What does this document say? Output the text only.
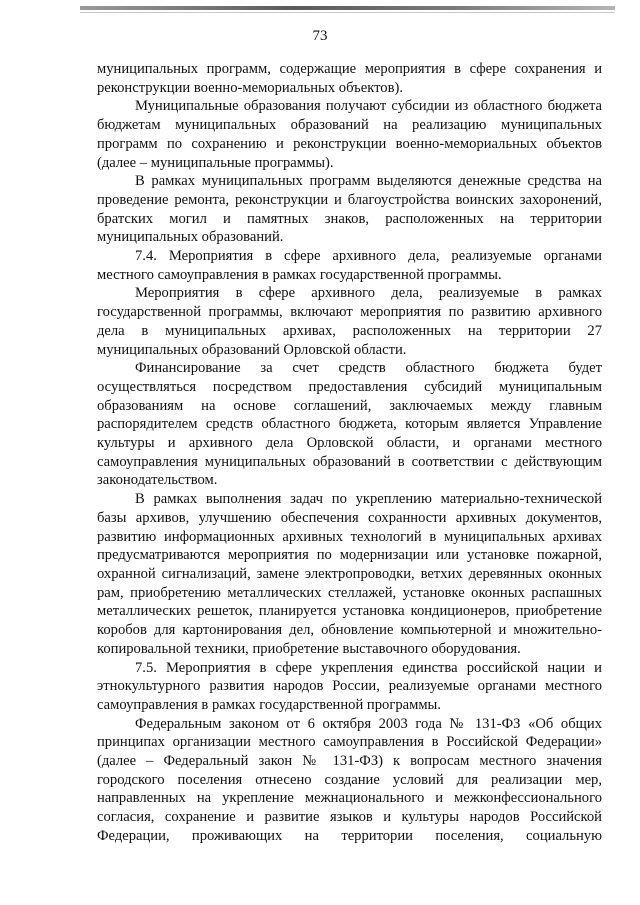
73

муниципальных программ, содержащие мероприятия в сфере сохранения и реконструкции военно-мемориальных объектов).

Муниципальные образования получают субсидии из областного бюджета бюджетам муниципальных образований на реализацию муниципальных программ по сохранению и реконструкции военно-мемориальных объектов (далее – муниципальные программы).

В рамках муниципальных программ выделяются денежные средства на проведение ремонта, реконструкции и благоустройства воинских захоронений, братских могил и памятных знаков, расположенных на территории муниципальных образований.

7.4. Мероприятия в сфере архивного дела, реализуемые органами местного самоуправления в рамках государственной программы.

Мероприятия в сфере архивного дела, реализуемые в рамках государственной программы, включают мероприятия по развитию архивного дела в муниципальных архивах, расположенных на территории 27 муниципальных образований Орловской области.

Финансирование за счет средств областного бюджета будет осуществляться посредством предоставления субсидий муниципальным образованиям на основе соглашений, заключаемых между главным распорядителем средств областного бюджета, которым является Управление культуры и архивного дела Орловской области, и органами местного самоуправления муниципальных образований в соответствии с действующим законодательством.

В рамках выполнения задач по укреплению материально-технической базы архивов, улучшению обеспечения сохранности архивных документов, развитию информационных архивных технологий в муниципальных архивах предусматриваются мероприятия по модернизации или установке пожарной, охранной сигнализаций, замене электропроводки, ветхих деревянных оконных рам, приобретению металлических стеллажей, установке оконных распашных металлических решеток, планируется установка кондиционеров, приобретение коробов для картонирования дел, обновление компьютерной и множительно-копировальной техники, приобретение выставочного оборудования.

7.5. Мероприятия в сфере укрепления единства российской нации и этнокультурного развития народов России, реализуемые органами местного самоуправления в рамках государственной программы.

Федеральным законом от 6 октября 2003 года № 131-ФЗ «Об общих принципах организации местного самоуправления в Российской Федерации» (далее – Федеральный закон № 131-ФЗ) к вопросам местного значения городского поселения отнесено создание условий для реализации мер, направленных на укрепление межнационального и межконфессионального согласия, сохранение и развитие языков и культуры народов Российской Федерации, проживающих на территории поселения, социальную
